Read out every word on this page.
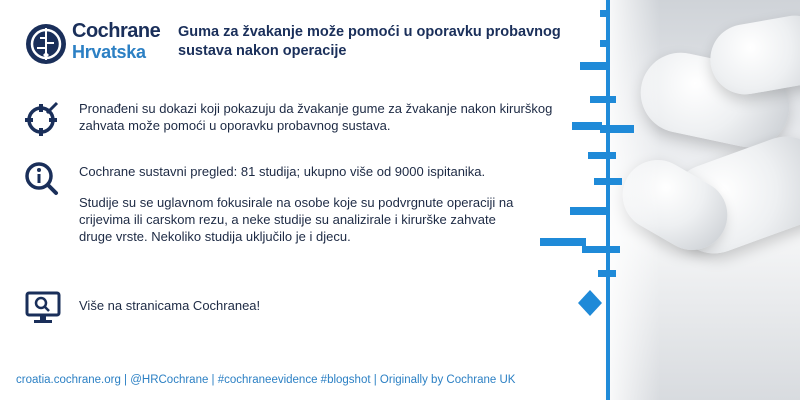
Cochrane
Hrvatska
Guma za žvakanje može pomoći u oporavku probavnog sustava nakon operacije
Pronađeni su dokazi koji pokazuju da žvakanje gume za žvakanje nakon kirurškog zahvata može pomoći u oporavku probavnog sustava.
Cochrane sustavni pregled: 81 studija; ukupno više od 9000 ispitanika.
Studije su se uglavnom fokusirale na osobe koje su podvrgnute operaciji na crijevima ili carskom rezu, a neke studije su analizirale i kirurške zahvate druge vrste. Nekoliko studija uključilo je i djecu.
Više na stranicama Cochranea!
croatia.cochrane.org | @HRCochrane | #cochraneevidence #blogshot | Originally by Cochrane UK
